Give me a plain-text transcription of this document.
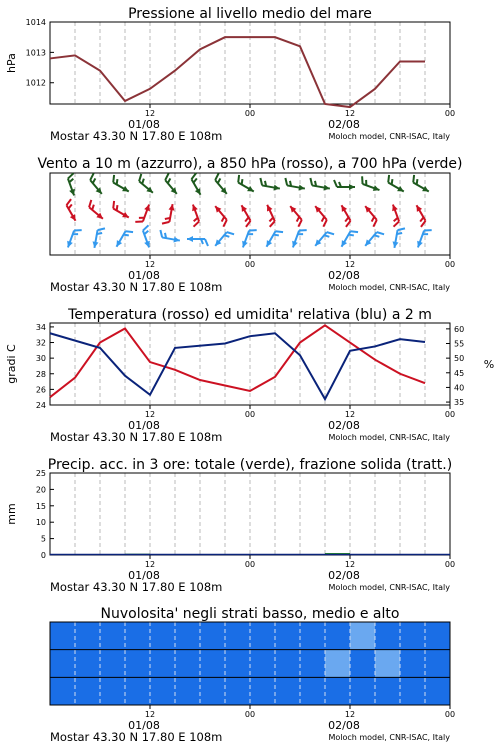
Pressione al livello medio del mare
12	00	12	00
01/08	02/08
Mostar 43.30 N 17.80 E 108m	Moloch model, CNR-ISAC, Italy
1014
1013
1012
hPa
Vento a 10 m (azzurro), a 850 hPa (rosso), a 700 hPa (verde)
12	00	12	00
01/08	02/08
Mostar 43.30 N 17.80 E 108m	Moloch model, CNR-ISAC, Italy
Temperatura (rosso) ed umidita' relativa (blu) a 2 m
12	00	12	00
01/08	02/08
Mostar 43.30 N 17.80 E 108m	Moloch model, CNR-ISAC, Italy
34
32
30
28
26
24
60
55
50
45
40
35
gradi C	%
Precip. acc. in 3 ore: totale (verde), frazione solida (tratt.)
12	00	12	00
01/08	02/08
Mostar 43.30 N 17.80 E 108m	Moloch model, CNR-ISAC, Italy
25
20
15
10
5
0
mm
Nuvolosita' negli strati basso, medio e alto
12	00	12	00
01/08	02/08
Mostar 43.30 N 17.80 E 108m	Moloch model, CNR-ISAC, Italy
